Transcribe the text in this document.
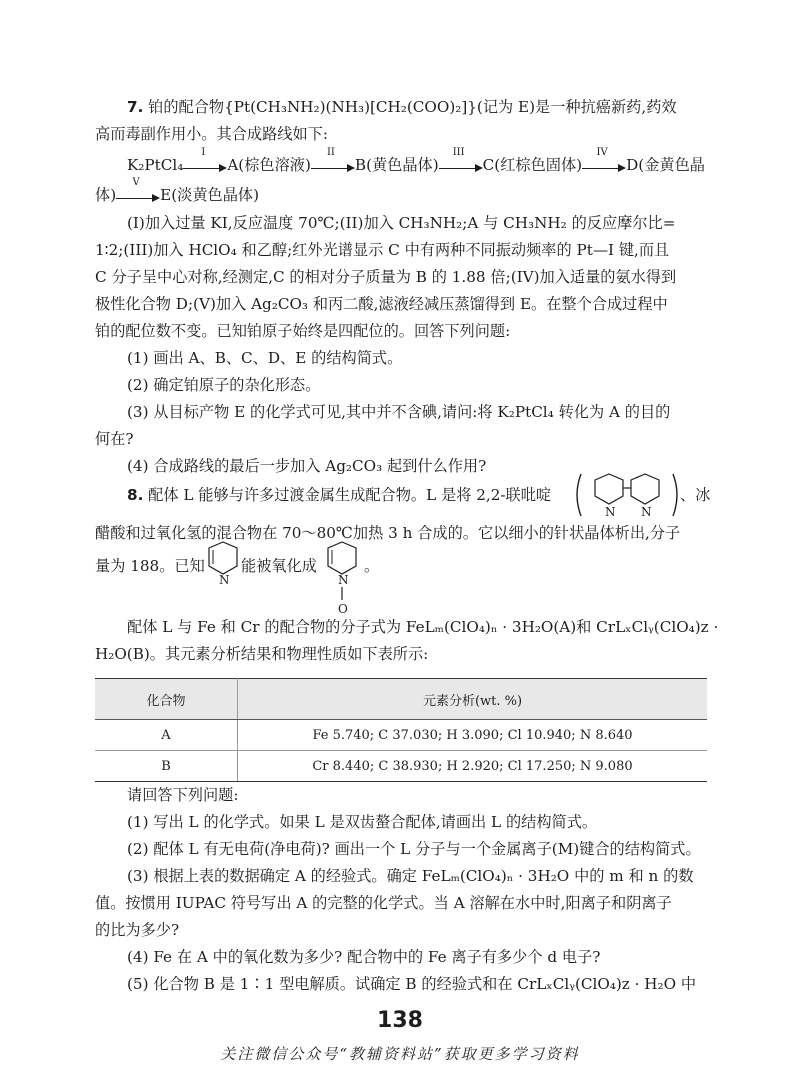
7. 铂的配合物{Pt(CH₃NH₂)(NH₃)[CH₂(COO)₂]}(记为 E)是一种抗癌新药,药效
高而毒副作用小。其合成路线如下:
K₂PtCl₄
I
A(棕色溶液)
II
B(黄色晶体)
III
C(红棕色固体)
IV
D(金黄色晶
体)
V
E(淡黄色晶体)
(I)加入过量 KI,反应温度 70℃;(II)加入 CH₃NH₂;A 与 CH₃NH₂ 的反应摩尔比=
1∶2;(III)加入 HClO₄ 和乙醇;红外光谱显示 C 中有两种不同振动频率的 Pt—I 键,而且
C 分子呈中心对称,经测定,C 的相对分子质量为 B 的 1.88 倍;(IV)加入适量的氨水得到
极性化合物 D;(V)加入 Ag₂CO₃ 和丙二酸,滤液经减压蒸馏得到 E。在整个合成过程中
铂的配位数不变。已知铂原子始终是四配位的。回答下列问题:
(1) 画出 A、B、C、D、E 的结构简式。
(2) 确定铂原子的杂化形态。
(3) 从目标产物 E 的化学式可见,其中并不含碘,请问:将 K₂PtCl₄ 转化为 A 的目的
何在?
(4) 合成路线的最后一步加入 Ag₂CO₃ 起到什么作用?
8. 配体 L 能够与许多过渡金属生成配合物。L 是将 2,2-联吡啶
N N
、冰
醋酸和过氧化氢的混合物在 70～80℃加热 3 h 合成的。它以细小的针状晶体析出,分子
量为 188。已知
N
能被氧化成
N
O
。
配体 L 与 Fe 和 Cr 的配合物的分子式为 FeLₘ(ClO₄)ₙ · 3H₂O(A)和 CrLₓClᵧ(ClO₄)z ·
H₂O(B)。其元素分析结果和物理性质如下表所示:
化合物	元素分析(wt. %)
A	Fe 5.740; C 37.030; H 3.090; Cl 10.940; N 8.640
B	Cr 8.440; C 38.930; H 2.920; Cl 17.250; N 9.080
请回答下列问题:
(1) 写出 L 的化学式。如果 L 是双齿螯合配体,请画出 L 的结构简式。
(2) 配体 L 有无电荷(净电荷)? 画出一个 L 分子与一个金属离子(M)键合的结构简式。
(3) 根据上表的数据确定 A 的经验式。确定 FeLₘ(ClO₄)ₙ · 3H₂O 中的 m 和 n 的数
值。按惯用 IUPAC 符号写出 A 的完整的化学式。当 A 溶解在水中时,阳离子和阴离子
的比为多少?
(4) Fe 在 A 中的氧化数为多少? 配合物中的 Fe 离子有多少个 d 电子?
(5) 化合物 B 是 1∶1 型电解质。试确定 B 的经验式和在 CrLₓClᵧ(ClO₄)z · H₂O 中
138
关注微信公众号“教辅资料站”获取更多学习资料
